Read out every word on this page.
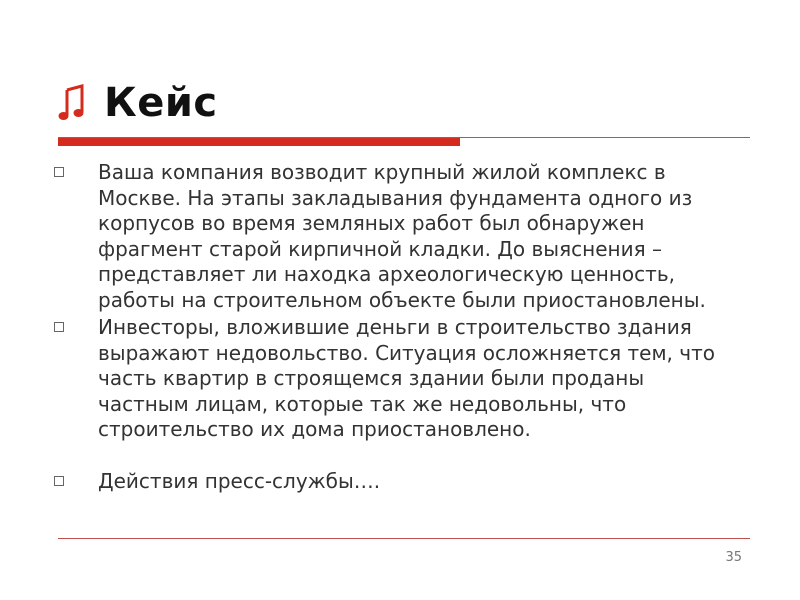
Кейс
Ваша компания возводит крупный жилой комплекс в Москве. На этапы закладывания фундамента одного из корпусов во время земляных работ был обнаружен фрагмент старой кирпичной кладки. До выяснения – представляет ли находка археологическую ценность, работы на строительном объекте были приостановлены.
Инвесторы, вложившие деньги в строительство здания выражают недовольство. Ситуация осложняется тем, что часть квартир в строящемся здании были проданы частным лицам, которые так же недовольны, что строительство их дома приостановлено.
Действия пресс-службы….
35
